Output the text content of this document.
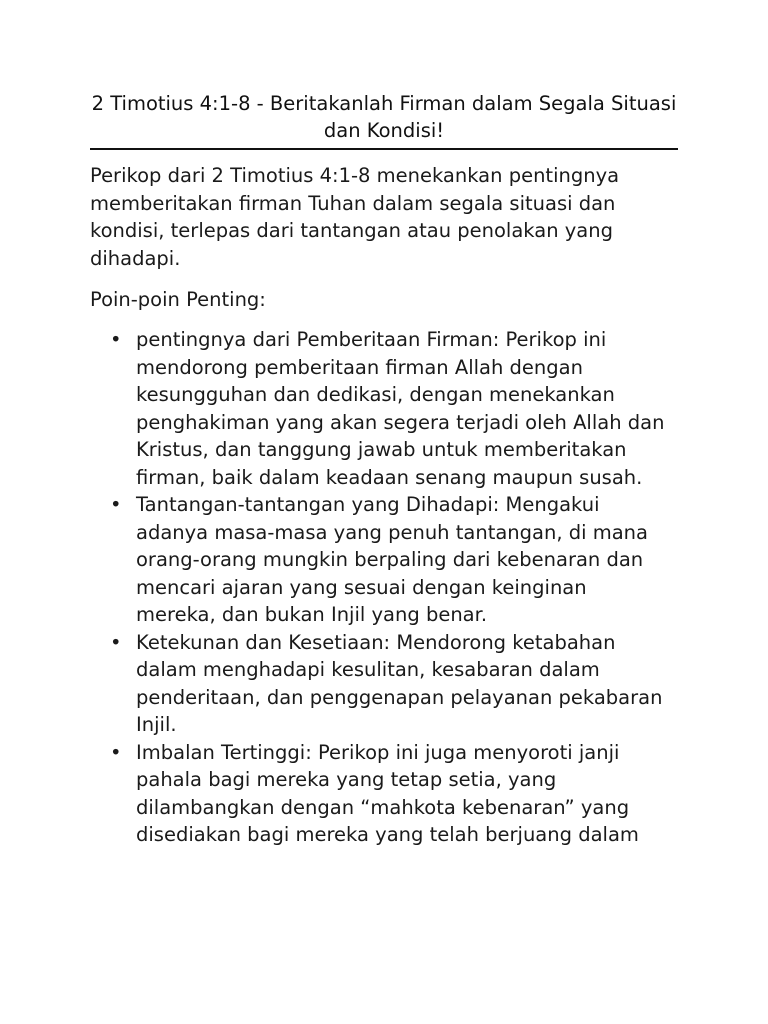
2 Timotius 4:1-8 - Beritakanlah Firman dalam Segala Situasi dan Kondisi!

Perikop dari 2 Timotius 4:1-8 menekankan pentingnya memberitakan firman Tuhan dalam segala situasi dan kondisi, terlepas dari tantangan atau penolakan yang dihadapi.

Poin-poin Penting:
• pentingnya dari Pemberitaan Firman: Perikop ini mendorong pemberitaan firman Allah dengan kesungguhan dan dedikasi, dengan menekankan penghakiman yang akan segera terjadi oleh Allah dan Kristus, dan tanggung jawab untuk memberitakan firman, baik dalam keadaan senang maupun susah.
• Tantangan-tantangan yang Dihadapi: Mengakui adanya masa-masa yang penuh tantangan, di mana orang-orang mungkin berpaling dari kebenaran dan mencari ajaran yang sesuai dengan keinginan mereka, dan bukan Injil yang benar.
• Ketekunan dan Kesetiaan: Mendorong ketabahan dalam menghadapi kesulitan, kesabaran dalam penderitaan, dan penggenapan pelayanan pekabaran Injil.
• Imbalan Tertinggi: Perikop ini juga menyoroti janji pahala bagi mereka yang tetap setia, yang dilambangkan dengan “mahkota kebenaran” yang disediakan bagi mereka yang telah berjuang dalam
